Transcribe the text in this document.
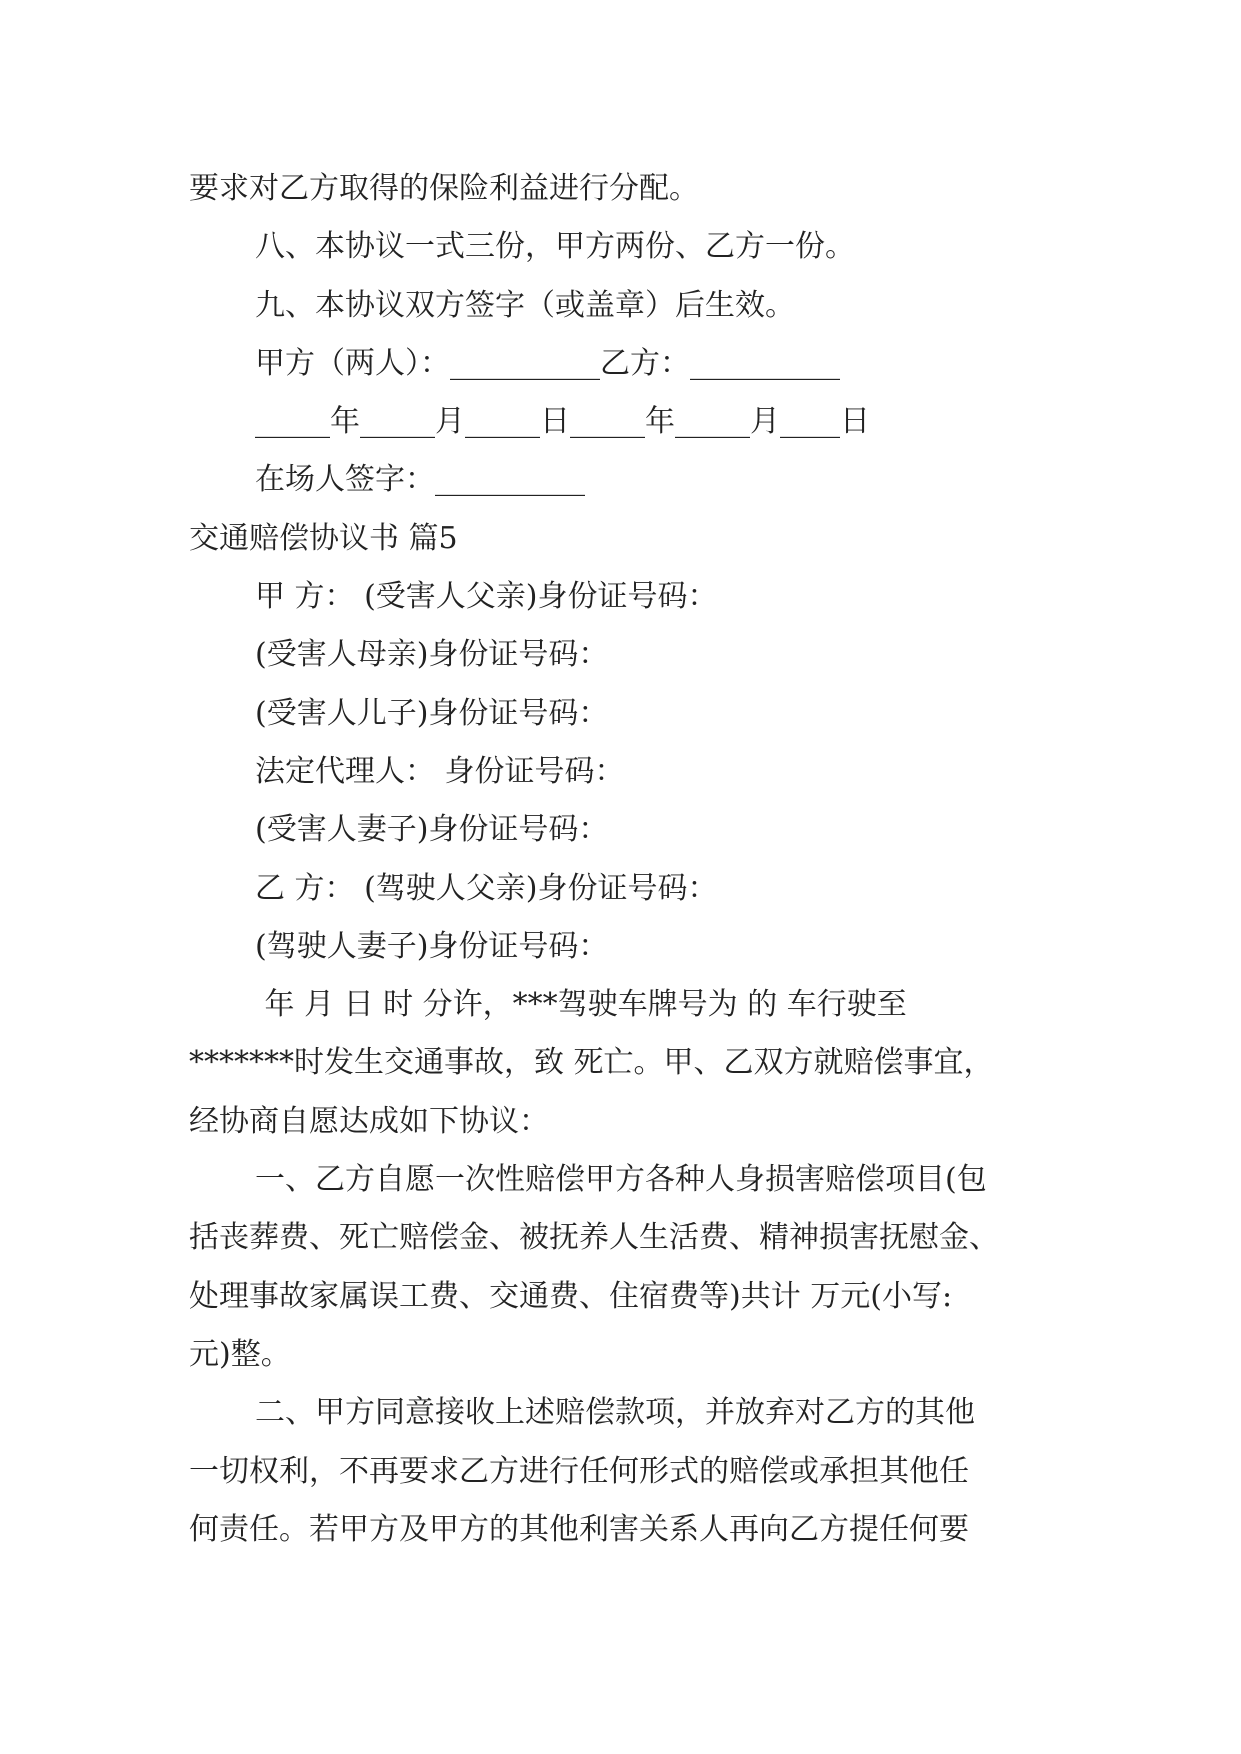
要求对乙方取得的保险利益进行分配。
八、本协议一式三份，甲方两份、乙方一份。
九、本协议双方签字（或盖章）后生效。
甲方（两人）：__________乙方：__________
_____年_____月_____日_____年_____月____日
在场人签字：__________
交通赔偿协议书 篇5
甲 方： (受害人父亲)身份证号码：
(受害人母亲)身份证号码：
(受害人儿子)身份证号码：
法定代理人： 身份证号码：
(受害人妻子)身份证号码：
乙 方： (驾驶人父亲)身份证号码：
(驾驶人妻子)身份证号码：
年 月 日 时 分许，***驾驶车牌号为 的 车行驶至
*******时发生交通事故，致 死亡。甲、乙双方就赔偿事宜，
经协商自愿达成如下协议：
一、乙方自愿一次性赔偿甲方各种人身损害赔偿项目(包
括丧葬费、死亡赔偿金、被抚养人生活费、精神损害抚慰金、
处理事故家属误工费、交通费、住宿费等)共计 万元(小写:
元)整。
二、甲方同意接收上述赔偿款项，并放弃对乙方的其他
一切权利，不再要求乙方进行任何形式的赔偿或承担其他任
何责任。若甲方及甲方的其他利害关系人再向乙方提任何要
